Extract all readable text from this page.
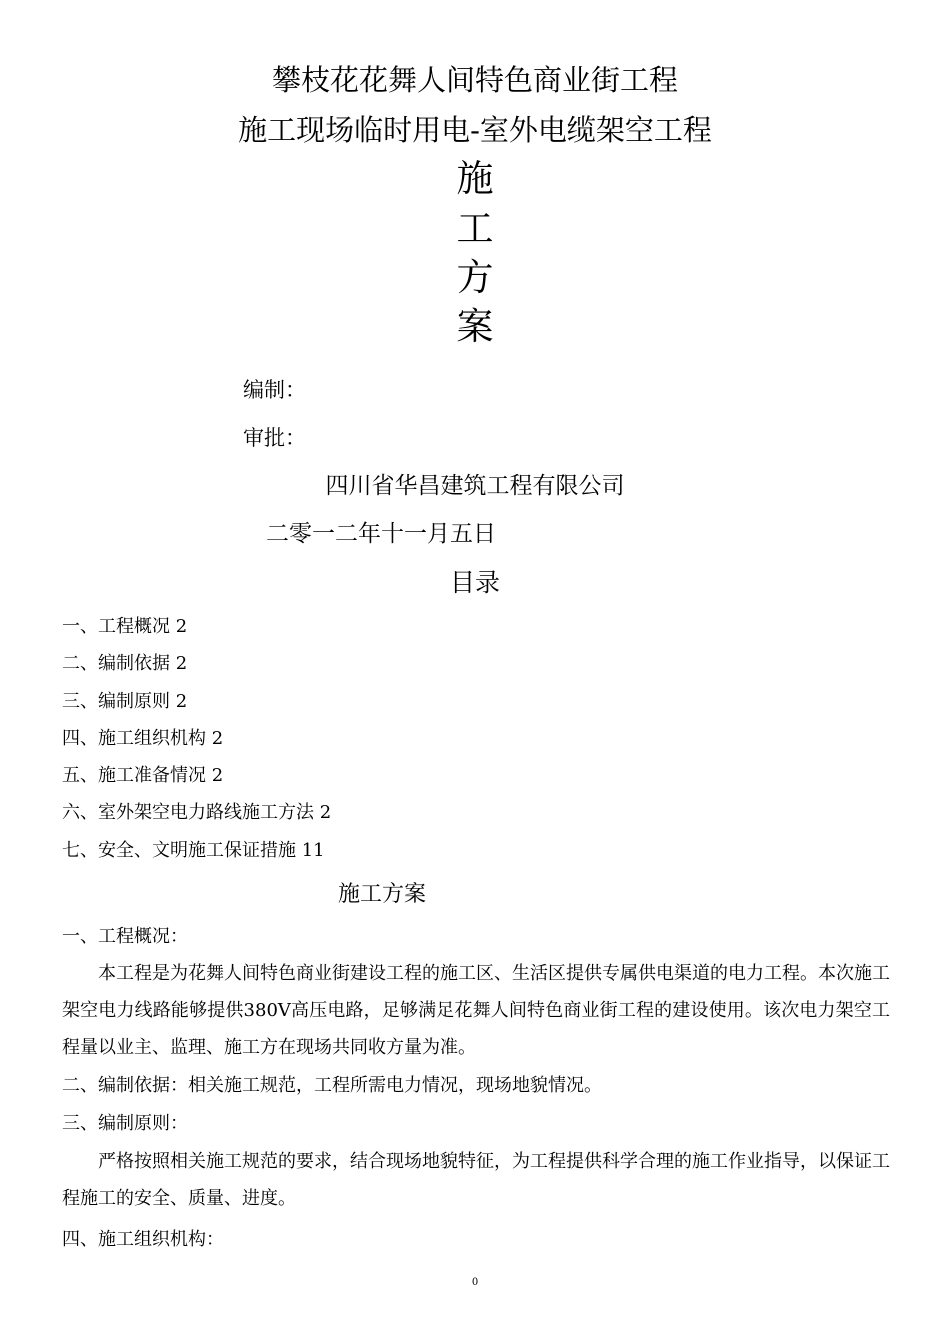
攀枝花花舞人间特色商业街工程
施工现场临时用电-室外电缆架空工程
施
工
方
案
编制：
审批：
四川省华昌建筑工程有限公司
二零一二年十一月五日
目录
一、工程概况 2
二、编制依据 2
三、编制原则 2
四、施工组织机构 2
五、施工准备情况 2
六、室外架空电力路线施工方法 2
七、安全、文明施工保证措施 11
施工方案
一、工程概况：
本工程是为花舞人间特色商业街建设工程的施工区、生活区提供专属供电渠道的电力工程。本次施工架空电力线路能够提供380V高压电路，足够满足花舞人间特色商业街工程的建设使用。该次电力架空工程量以业主、监理、施工方在现场共同收方量为准。
二、编制依据：相关施工规范，工程所需电力情况，现场地貌情况。
三、编制原则：
严格按照相关施工规范的要求，结合现场地貌特征，为工程提供科学合理的施工作业指导，以保证工程施工的安全、质量、进度。
四、施工组织机构：
0
